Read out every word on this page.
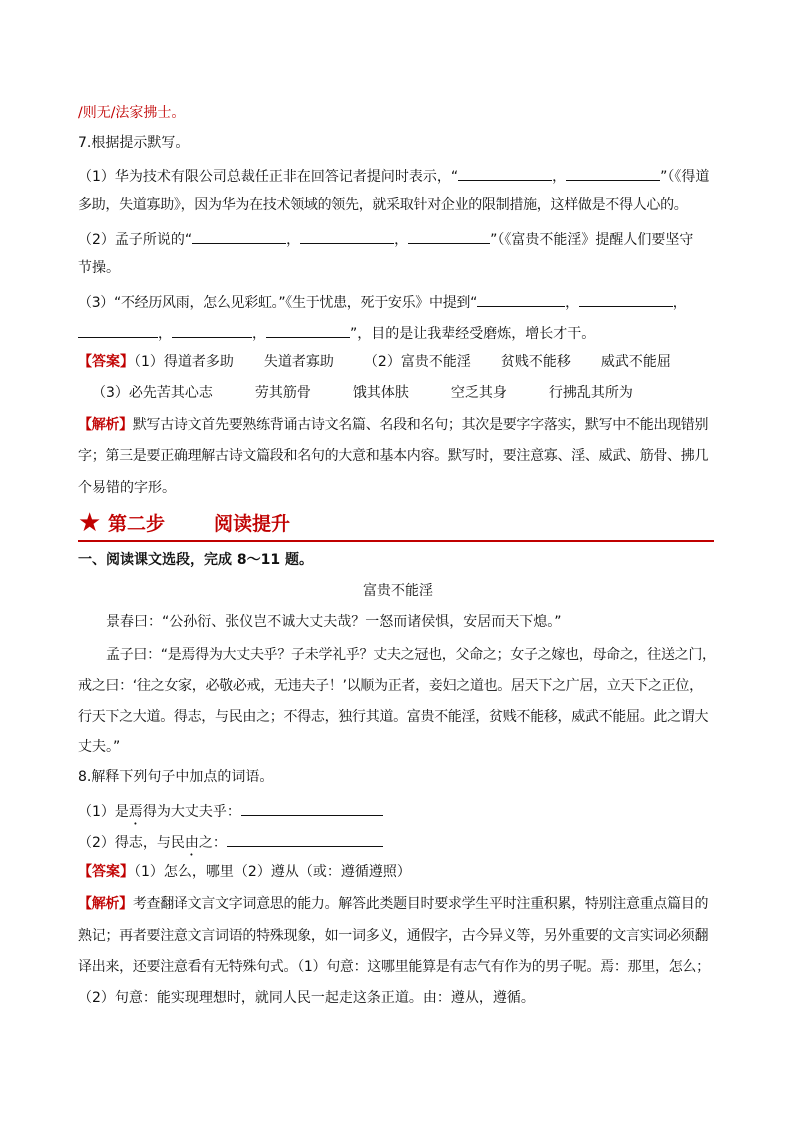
/则无/法家拂士。
7.根据提示默写。
（1）华为技术有限公司总裁任正非在回答记者提问时表示，“	，	”（《得道
多助，失道寡助》，因为华为在技术领域的领先，就采取针对企业的限制措施，这样做是不得人心的。
（2）孟子所说的“	，	，	”（《富贵不能淫》提醒人们要坚守
节操。
（3）“不经历风雨，怎么见彩虹。”《生于忧患，死于安乐》中提到“	，	，
，	，	”，目的是让我辈经受磨炼，增长才干。
【答案】（1）得道者多助 失道者寡助 （2）富贵不能淫 贫贱不能移 威武不能屈
（3）必先苦其心志	劳其筋骨	饿其体肤	空乏其身	行拂乱其所为
【解析】默写古诗文首先要熟练背诵古诗文名篇、名段和名句；其次是要字字落实，默写中不能出现错别
字；第三是要正确理解古诗文篇段和名句的大意和基本内容。默写时，要注意寡、淫、威武、筋骨、拂几
个易错的字形。
★ 第二步	阅读提升
一、阅读课文选段，完成 8～11 题。
富贵不能淫
景春曰：“公孙衍、张仪岂不诚大丈夫哉？一怒而诸侯惧，安居而天下熄。”
孟子曰：“是焉得为大丈夫乎？子未学礼乎？丈夫之冠也，父命之；女子之嫁也，母命之，往送之门，
戒之曰：‘往之女家，必敬必戒，无违夫子！’以顺为正者，妾妇之道也。居天下之广居，立天下之正位，
行天下之大道。得志，与民由之；不得志，独行其道。富贵不能淫，贫贱不能移，威武不能屈。此之谓大
丈夫。”
8.解释下列句子中加点的词语。
（1）是焉得为大丈夫乎：
（2）得志，与民由之：
【答案】（1）怎么，哪里（2）遵从（或：遵循遵照）
【解析】考查翻译文言文字词意思的能力。解答此类题目时要求学生平时注重积累，特别注意重点篇目的
熟记；再者要注意文言词语的特殊现象，如一词多义，通假字，古今异义等，另外重要的文言实词必须翻
译出来，还要注意看有无特殊句式。（1）句意：这哪里能算是有志气有作为的男子呢。焉：那里，怎么；
（2）句意：能实现理想时，就同人民一起走这条正道。由：遵从，遵循。
